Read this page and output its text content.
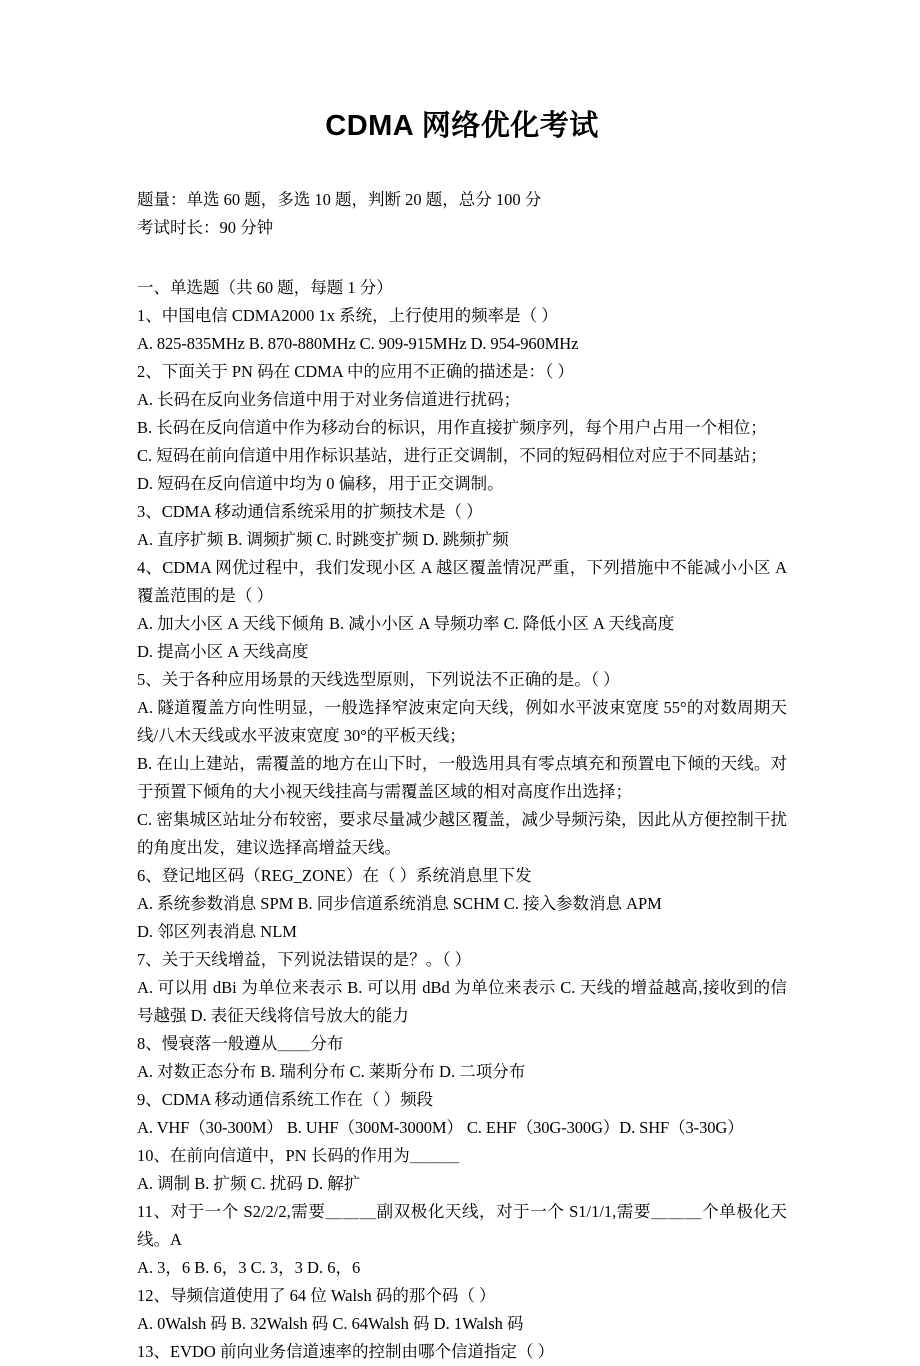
CDMA 网络优化考试
题量：单选 60 题，多选 10 题，判断 20 题，总分 100 分
考试时长：90 分钟
一、单选题（共 60 题，每题 1 分）
1、中国电信 CDMA2000 1x 系统，上行使用的频率是（ ）
A. 825-835MHz B. 870-880MHz C. 909-915MHz D. 954-960MHz
2、下面关于 PN 码在 CDMA 中的应用不正确的描述是：（ ）
A. 长码在反向业务信道中用于对业务信道进行扰码；
B. 长码在反向信道中作为移动台的标识，用作直接扩频序列，每个用户占用一个相位；
C. 短码在前向信道中用作标识基站，进行正交调制，不同的短码相位对应于不同基站；
D. 短码在反向信道中均为 0 偏移，用于正交调制。
3、CDMA 移动通信系统采用的扩频技术是（ ）
A. 直序扩频 B. 调频扩频 C. 时跳变扩频 D. 跳频扩频
4、CDMA 网优过程中，我们发现小区 A 越区覆盖情况严重，下列措施中不能减小小区 A 覆盖范围的是（ ）
A. 加大小区 A 天线下倾角 B. 减小小区 A 导频功率 C. 降低小区 A 天线高度
D. 提高小区 A 天线高度
5、关于各种应用场景的天线选型原则，下列说法不正确的是。（ ）
A. 隧道覆盖方向性明显，一般选择窄波束定向天线，例如水平波束宽度 55°的对数周期天线/八木天线或水平波束宽度 30°的平板天线；
B. 在山上建站，需覆盖的地方在山下时，一般选用具有零点填充和预置电下倾的天线。对于预置下倾角的大小视天线挂高与需覆盖区域的相对高度作出选择；
C. 密集城区站址分布较密，要求尽量减少越区覆盖，减少导频污染，因此从方便控制干扰的角度出发，建议选择高增益天线。
6、登记地区码（REG_ZONE）在（ ）系统消息里下发
A. 系统参数消息 SPM B. 同步信道系统消息 SCHM C. 接入参数消息 APM
D. 邻区列表消息 NLM
7、关于天线增益，下列说法错误的是？。（ ）
A. 可以用 dBi 为单位来表示 B. 可以用 dBd 为单位来表示 C. 天线的增益越高,接收到的信号越强 D. 表征天线将信号放大的能力
8、慢衰落一般遵从＿＿分布
A. 对数正态分布 B. 瑞利分布 C. 莱斯分布 D. 二项分布
9、CDMA 移动通信系统工作在（ ）频段
A. VHF（30-300M） B. UHF（300M-3000M） C. EHF（30G-300G）D. SHF（3-30G）
10、在前向信道中，PN 长码的作用为＿＿＿
A. 调制 B. 扩频 C. 扰码 D. 解扩
11、对于一个 S2/2/2,需要＿＿＿副双极化天线，对于一个 S1/1/1,需要＿＿＿个单极化天线。A
A. 3，6 B. 6，3 C. 3，3 D. 6，6
12、导频信道使用了 64 位 Walsh 码的那个码（ ）
A. 0Walsh 码 B. 32Walsh 码 C. 64Walsh 码 D. 1Walsh 码
13、EVDO 前向业务信道速率的控制由哪个信道指定（ ）
